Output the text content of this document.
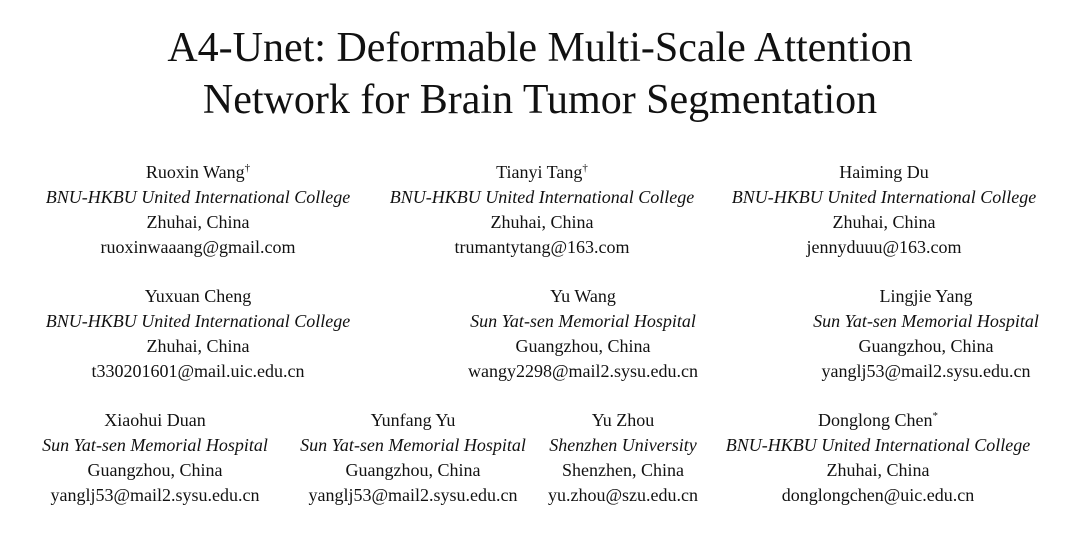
A4-Unet: Deformable Multi-Scale Attention
Network for Brain Tumor Segmentation
Ruoxin Wang†
BNU-HKBU United International College
Zhuhai, China
ruoxinwaaang@gmail.com
Tianyi Tang†
BNU-HKBU United International College
Zhuhai, China
trumantytang@163.com
Haiming Du
BNU-HKBU United International College
Zhuhai, China
jennyduuu@163.com
Yuxuan Cheng
BNU-HKBU United International College
Zhuhai, China
t330201601@mail.uic.edu.cn
Yu Wang
Sun Yat-sen Memorial Hospital
Guangzhou, China
wangy2298@mail2.sysu.edu.cn
Lingjie Yang
Sun Yat-sen Memorial Hospital
Guangzhou, China
yanglj53@mail2.sysu.edu.cn
Xiaohui Duan
Sun Yat-sen Memorial Hospital
Guangzhou, China
yanglj53@mail2.sysu.edu.cn
Yunfang Yu
Sun Yat-sen Memorial Hospital
Guangzhou, China
yanglj53@mail2.sysu.edu.cn
Yu Zhou
Shenzhen University
Shenzhen, China
yu.zhou@szu.edu.cn
Donglong Chen*
BNU-HKBU United International College
Zhuhai, China
donglongchen@uic.edu.cn
